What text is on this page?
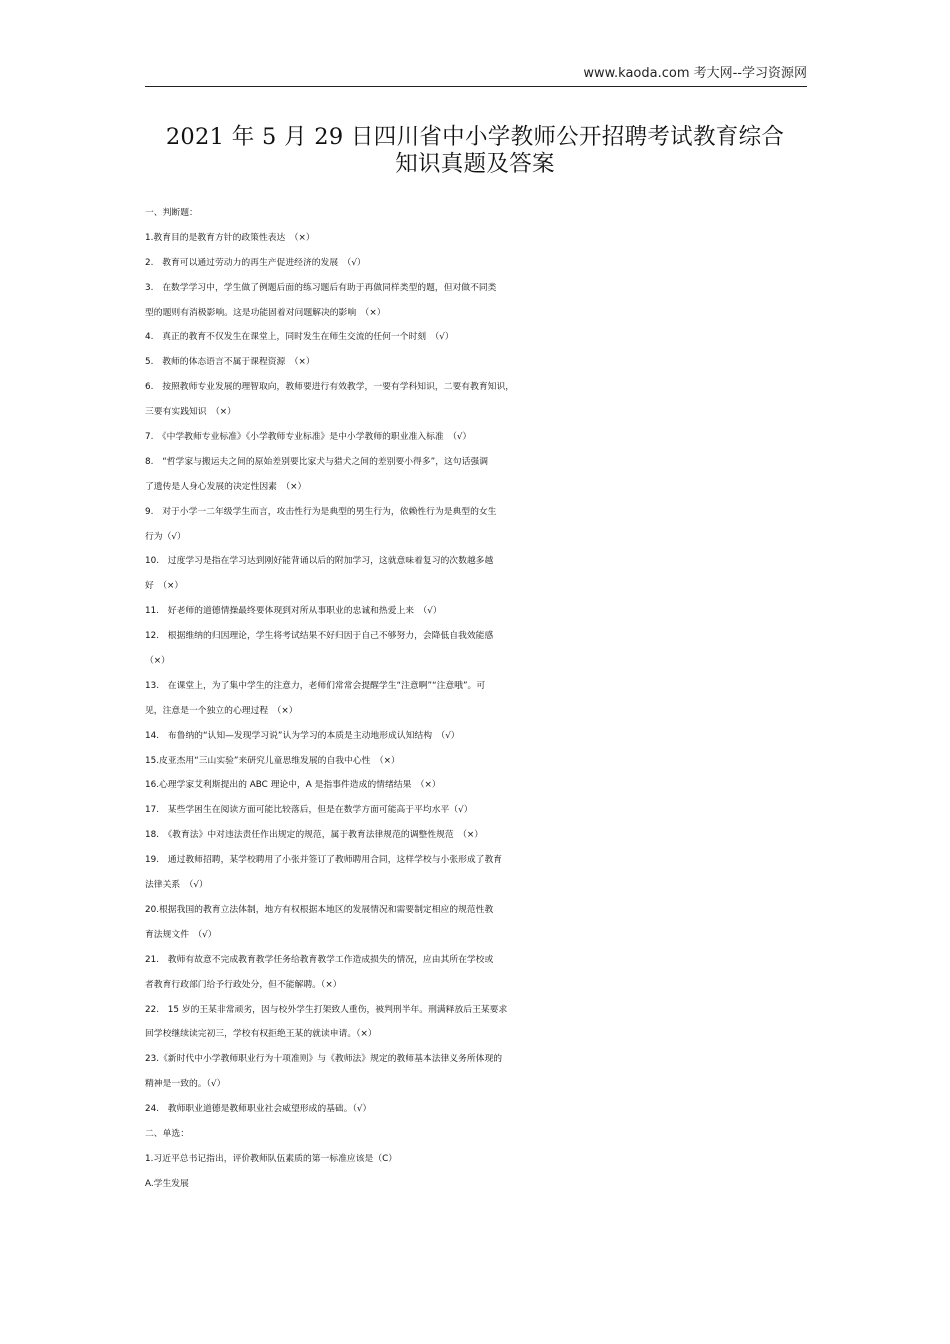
www.kaoda.com 考大网--学习资源网
2021 年 5 月 29 日四川省中小学教师公开招聘考试教育综合
知识真题及答案
一、判断题：
1.教育目的是教育方针的政策性表达　（×）
2.　教育可以通过劳动力的再生产促进经济的发展　（√）
3.　在数学学习中，学生做了例题后面的练习题后有助于再做同样类型的题，但对做不同类
型的题则有消极影响。这是功能固着对问题解决的影响　（×）
4.　真正的教育不仅发生在课堂上，同时发生在师生交流的任何一个时刻　（√）
5.　教师的体态语言不属于课程资源　（×）
6.　按照教师专业发展的理智取向，教师要进行有效教学，一要有学科知识，二要有教育知识，
三要有实践知识　（×）
7.　《中学教师专业标准》《小学教师专业标准》是中小学教师的职业准入标准　（√）
8.　“哲学家与搬运夫之间的原始差别要比家犬与猎犬之间的差别要小得多”，这句话强调
了遗传是人身心发展的决定性因素　（×）
9.　对于小学一二年级学生而言，攻击性行为是典型的男生行为，依赖性行为是典型的女生
行为（√）
10.　过度学习是指在学习达到刚好能背诵以后的附加学习，这就意味着复习的次数越多越
好　（×）
11.　好老师的道德情操最终要体现到对所从事职业的忠诚和热爱上来　（√）
12.　根据维纳的归因理论，学生将考试结果不好归因于自己不够努力，会降低自我效能感
（×）
13.　在课堂上，为了集中学生的注意力，老师们常常会提醒学生“注意啊”“注意哦”。可
见，注意是一个独立的心理过程　（×）
14.　布鲁纳的“认知—发现学习说”认为学习的本质是主动地形成认知结构　（√）
15.皮亚杰用“三山实验”来研究儿童思维发展的自我中心性　（×）
16.心理学家艾利斯提出的 ABC 理论中，A 是指事件造成的情绪结果　（×）
17.　某些学困生在阅读方面可能比较落后，但是在数学方面可能高于平均水平（√）
18.　《教育法》中对违法责任作出规定的规范，属于教育法律规范的调整性规范　（×）
19.　通过教师招聘，某学校聘用了小张并签订了教师聘用合同，这样学校与小张形成了教育
法律关系　（√）
20.根据我国的教育立法体制，地方有权根据本地区的发展情况和需要制定相应的规范性教
育法规文件　（√）
21.　教师有故意不完成教育教学任务给教育教学工作造成损失的情况，应由其所在学校或
者教育行政部门给予行政处分，但不能解聘。（×）
22.　15 岁的王某非常顽劣，因与校外学生打架致人重伤，被判刑半年。刑满释放后王某要求
回学校继续读完初三，学校有权拒绝王某的就读申请。（×）
23.《新时代中小学教师职业行为十项准则》与《教师法》规定的教师基本法律义务所体现的
精神是一致的。（√）
24.　教师职业道德是教师职业社会威望形成的基础。（√）
二、单选：
1.习近平总书记指出，评价教师队伍素质的第一标准应该是（C）
A.学生发展
